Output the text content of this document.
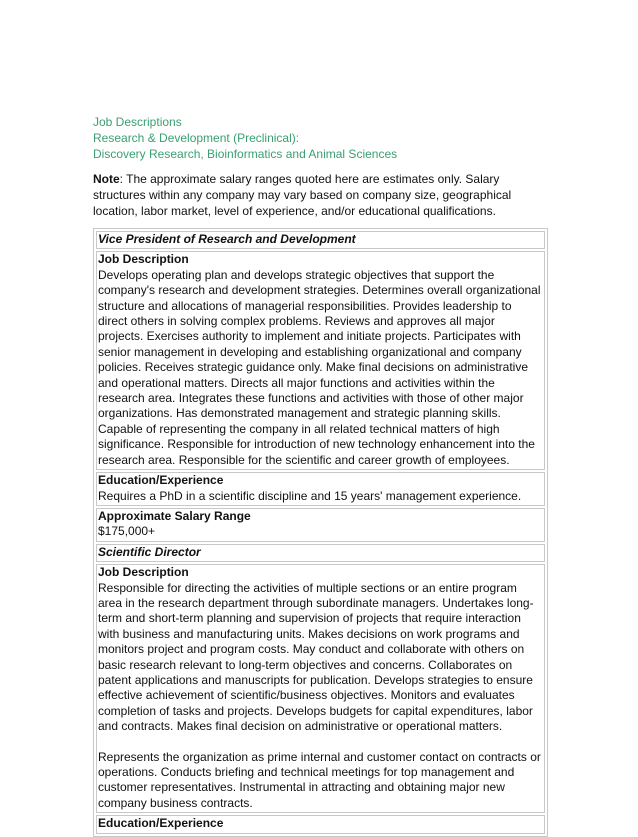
Job Descriptions
Research & Development (Preclinical):
Discovery Research, Bioinformatics and Animal Sciences
Note: The approximate salary ranges quoted here are estimates only. Salary structures within any company may vary based on company size, geographical location, labor market, level of experience, and/or educational qualifications.
Vice President of Research and Development
Job Description
Develops operating plan and develops strategic objectives that support the company's research and development strategies. Determines overall organizational structure and allocations of managerial responsibilities. Provides leadership to direct others in solving complex problems. Reviews and approves all major projects. Exercises authority to implement and initiate projects. Participates with senior management in developing and establishing organizational and company policies. Receives strategic guidance only. Make final decisions on administrative and operational matters. Directs all major functions and activities within the research area. Integrates these functions and activities with those of other major organizations. Has demonstrated management and strategic planning skills. Capable of representing the company in all related technical matters of high significance. Responsible for introduction of new technology enhancement into the research area. Responsible for the scientific and career growth of employees.
Education/Experience
Requires a PhD in a scientific discipline and 15 years' management experience.
Approximate Salary Range
$175,000+
Scientific Director
Job Description
Responsible for directing the activities of multiple sections or an entire program area in the research department through subordinate managers. Undertakes long-term and short-term planning and supervision of projects that require interaction with business and manufacturing units. Makes decisions on work programs and monitors project and program costs. May conduct and collaborate with others on basic research relevant to long-term objectives and concerns. Collaborates on patent applications and manuscripts for publication. Develops strategies to ensure effective achievement of scientific/business objectives. Monitors and evaluates completion of tasks and projects. Develops budgets for capital expenditures, labor and contracts. Makes final decision on administrative or operational matters.
Represents the organization as prime internal and customer contact on contracts or operations. Conducts briefing and technical meetings for top management and customer representatives. Instrumental in attracting and obtaining major new company business contracts.
Education/Experience
